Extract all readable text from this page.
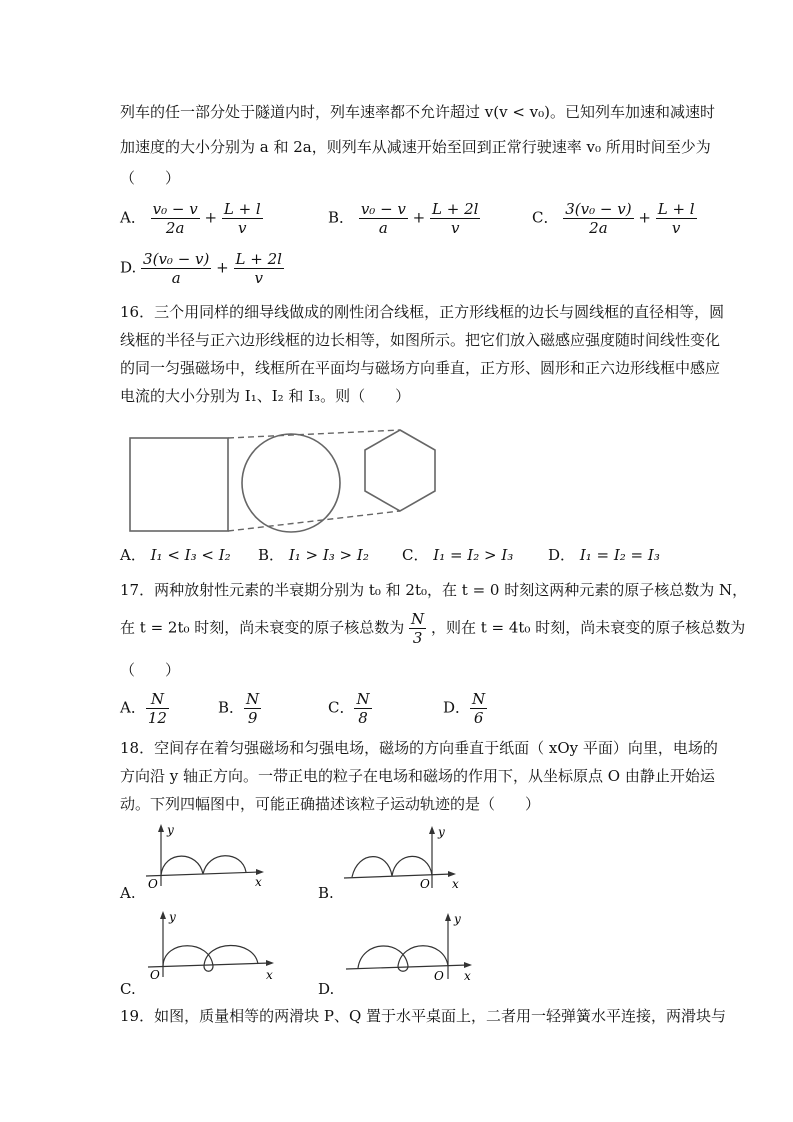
列车的任一部分处于隧道内时，列车速率都不允许超过 v(v < v₀)。已知列车加速和减速时
加速度的大小分别为 a 和 2a，则列车从减速开始至回到正常行驶速率 v₀ 所用时间至少为
（　　）
A． $\frac{\text{v₀ − v}}{2a} + \frac{L + l}{v}$	B． $\frac{\text{v₀ − v}}{a} + \frac{L + 2l}{v}$	C． $\frac{\text{3(v₀ − v)}}{2a} + \frac{L + l}{v}$
D. $\frac{\text{3(v₀ − v)}}{a} + \frac{L + 2l}{v}$
16．三个用同样的细导线做成的刚性闭合线框，正方形线框的边长与圆线框的直径相等，圆
线框的半径与正六边形线框的边长相等，如图所示。把它们放入磁感应强度随时间线性变化
的同一匀强磁场中，线框所在平面均与磁场方向垂直，正方形、圆形和正六边形线框中感应
电流的大小分别为 I₁、I₂ 和 I₃。则（　　）
A． I₁ < I₃ < I₂ B． I₁ > I₃ > I₂ C． I₁ = I₂ > I₃ D． I₁ = I₂ = I₃
17．两种放射性元素的半衰期分别为 t₀ 和 2t₀，在 t = 0 时刻这两种元素的原子核总数为 N，
在 t = 2t₀ 时刻，尚未衰变的原子核总数为 $\frac{N}{3}$ ，则在 t = 4t₀ 时刻，尚未衰变的原子核总数为
（　　）
A． $\frac{N}{12}$	B． $\frac{N}{9}$	C． $\frac{N}{8}$	D． $\frac{N}{6}$
18．空间存在着匀强磁场和匀强电场，磁场的方向垂直于纸面（ xOy 平面）向里，电场的
方向沿 y 轴正方向。一带正电的粒子在电场和磁场的作用下，从坐标原点 O 由静止开始运
动。下列四幅图中，可能正确描述该粒子运动轨迹的是（　　）
y
x
O
A.
y
x
O
B.
y
x
O
C.
y
x
O
D.
19．如图，质量相等的两滑块 P、Q 置于水平桌面上，二者用一轻弹簧水平连接，两滑块与
